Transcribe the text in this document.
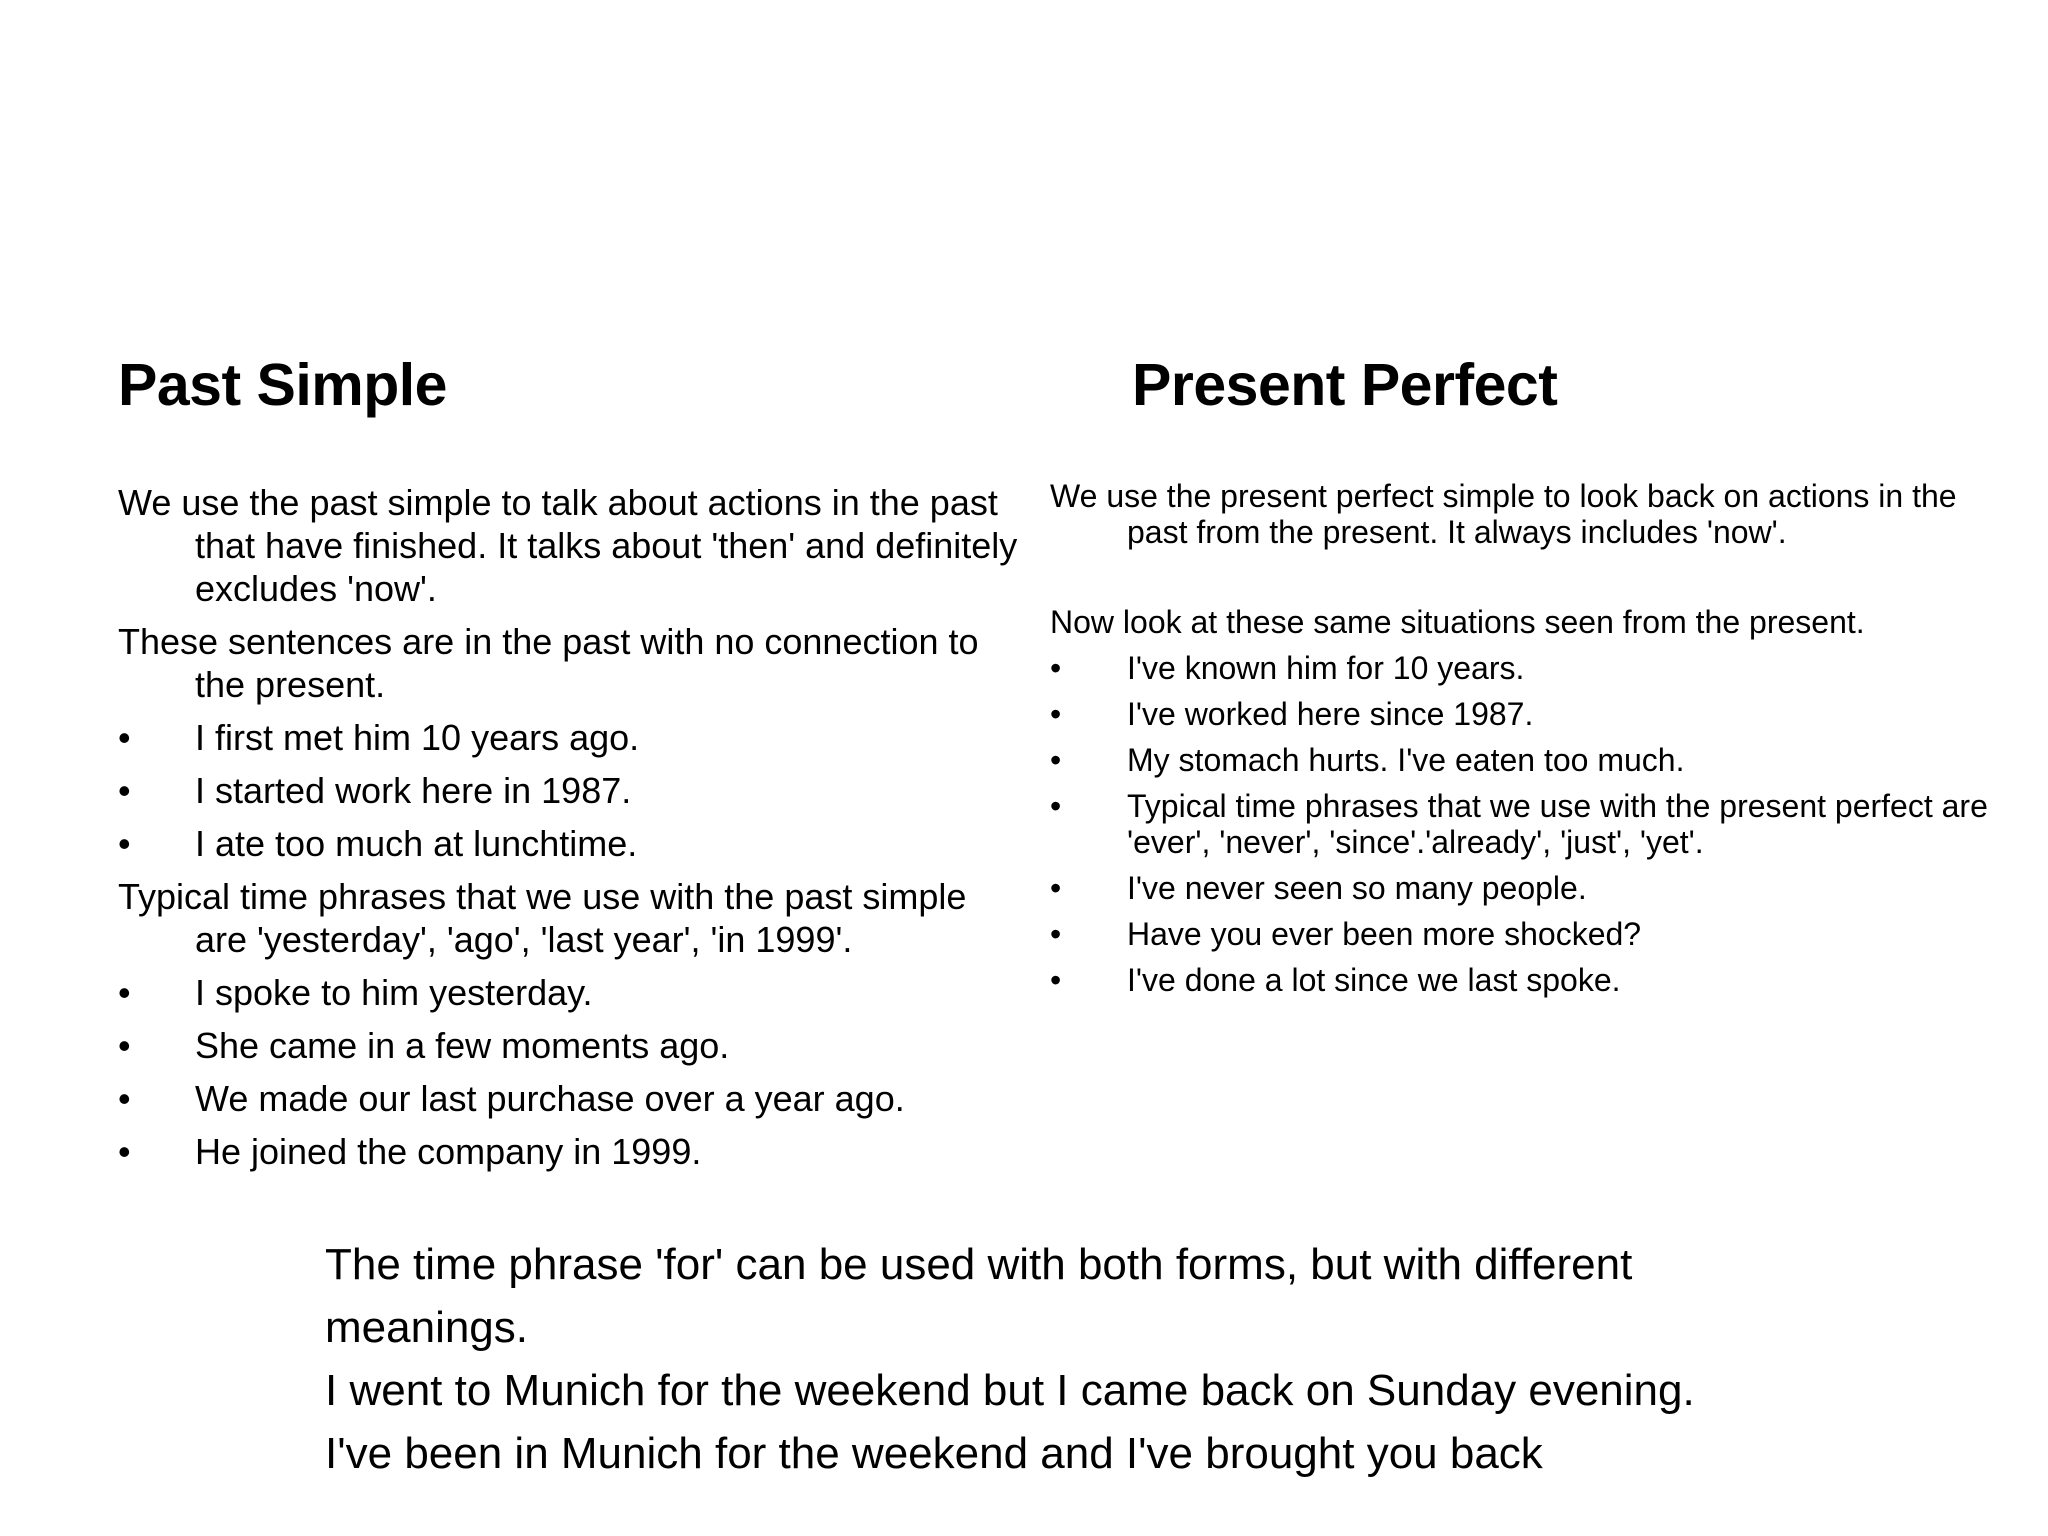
Past Simple	Present Perfect

We use the past simple to talk about actions in the past that have finished. It talks about 'then' and definitely excludes 'now'.

These sentences are in the past with no connection to the present.

•	I first met him 10 years ago.
•	I started work here in 1987.
•	I ate too much at lunchtime.

Typical time phrases that we use with the past simple are 'yesterday', 'ago', 'last year', 'in 1999'.

•	I spoke to him yesterday.
•	She came in a few moments ago.
•	We made our last purchase over a year ago.
•	He joined the company in 1999.

We use the present perfect simple to look back on actions in the past from the present. It always includes 'now'.

Now look at these same situations seen from the present.

•	I've known him for 10 years.
•	I've worked here since 1987.
•	My stomach hurts. I've eaten too much.
•	Typical time phrases that we use with the present perfect are 'ever', 'never', 'since'.'already', 'just', 'yet'.
•	I've never seen so many people.
•	Have you ever been more shocked?
•	I've done a lot since we last spoke.

The time phrase 'for' can be used with both forms, but with different meanings.

I went to Munich for the weekend but I came back on Sunday evening.

I've been in Munich for the weekend and I've brought you back
